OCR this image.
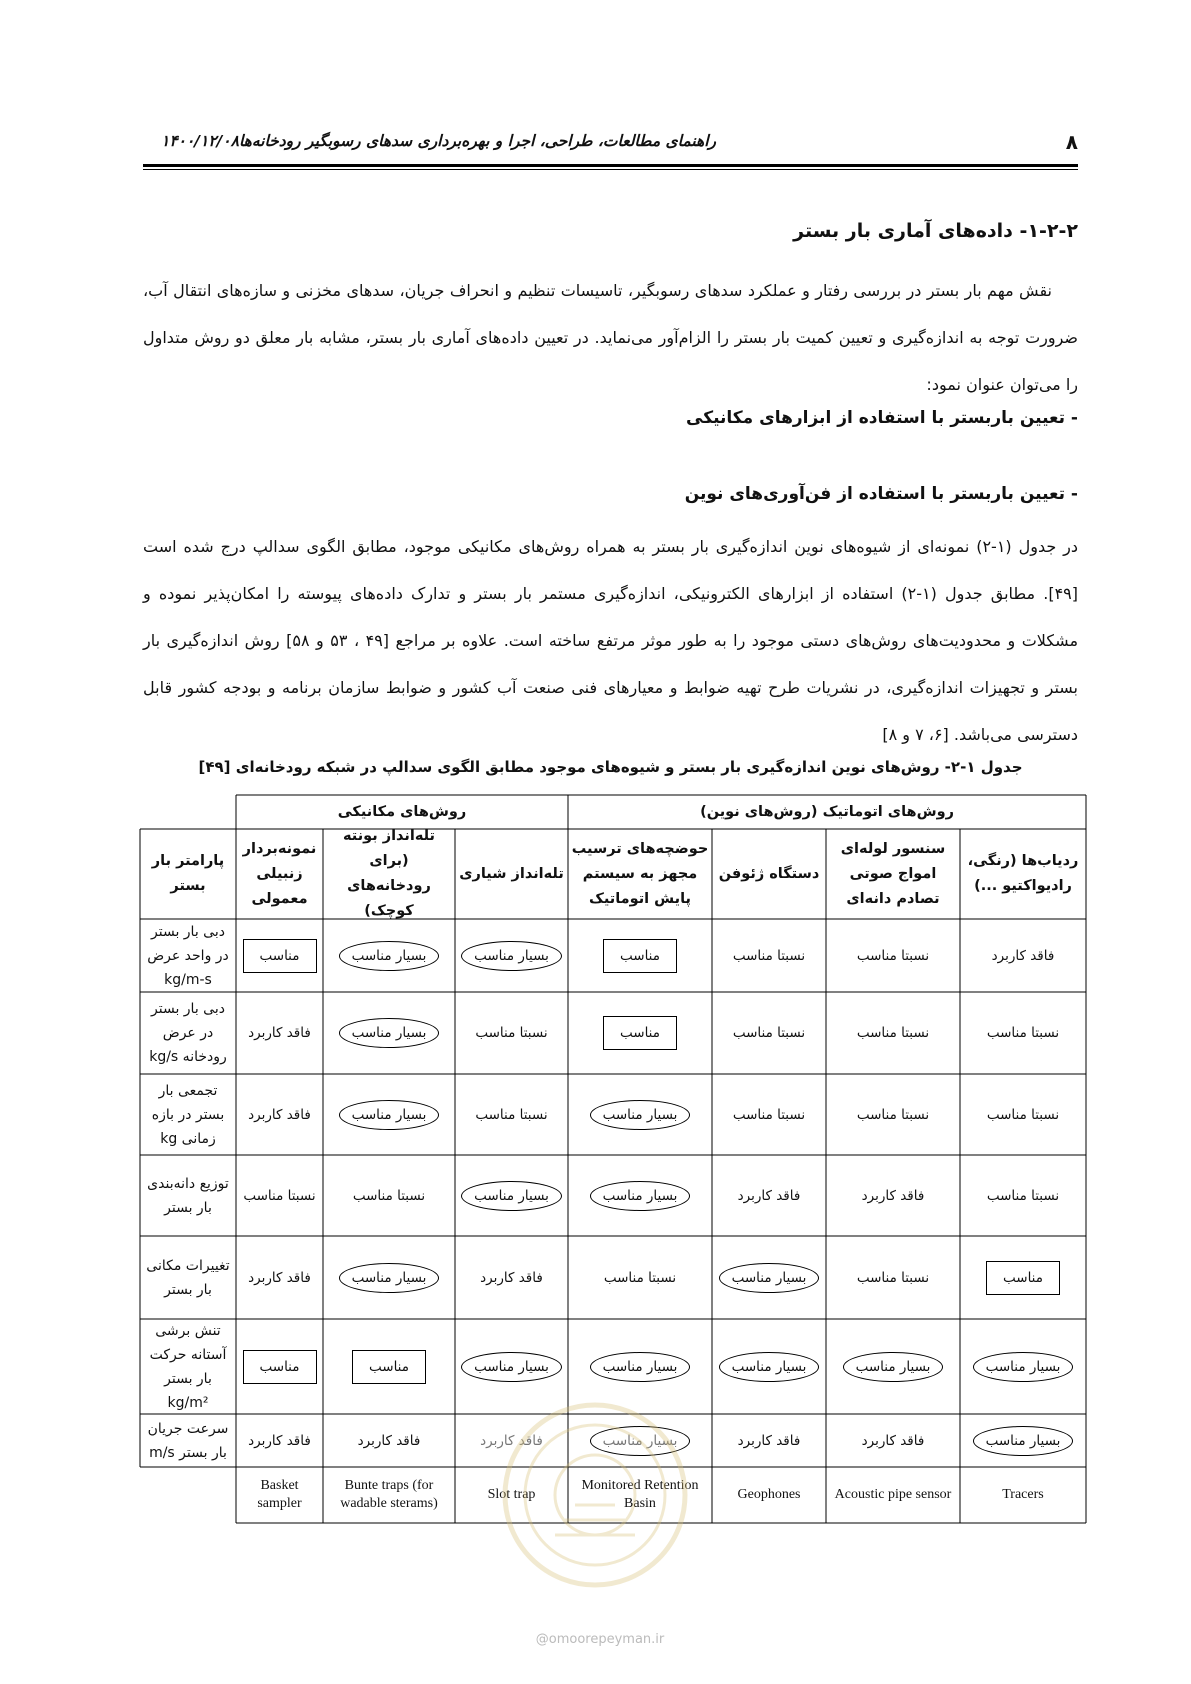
۸
راهنمای مطالعات، طراحی، اجرا و بهره‌برداری سدهای رسوبگیر رودخانه‌ها۱۴۰۰/۱۲/۰۸
۱-۲-۲- داده‌های آماری بار بستر
نقش مهم بار بستر در بررسی رفتار و عملکرد سدهای رسوبگیر، تاسیسات تنظیم و انحراف جریان، سدهای مخزنی و سازه‌های انتقال آب، ضرورت توجه به اندازه‌گیری و تعیین کمیت بار بستر را الزام‌آور می‌نماید. در تعیین داده‌های آماری بار بستر، مشابه بار معلق دو روش متداول را می‌توان عنوان نمود:
- تعیین باربستر با استفاده از ابزارهای مکانیکی
- تعیین باربستر با استفاده از فن‌آوری‌های نوین
در جدول (۱-۲) نمونه‌ای از شیوه‌های نوین اندازه‌گیری بار بستر به همراه روش‌های مکانیکی موجود، مطابق الگوی سدالپ درج شده است [۴۹]. مطابق جدول (۱-۲) استفاده از ابزارهای الکترونیکی، اندازه‌گیری مستمر بار بستر و تدارک داده‌های پیوسته را امکان‌پذیر نموده و مشکلات و محدودیت‌های روش‌های دستی موجود را به طور موثر مرتفع ساخته است. علاوه بر مراجع [۴۹ ، ۵۳ و ۵۸] روش اندازه‌گیری بار بستر و تجهیزات اندازه‌گیری، در نشریات طرح تهیه ضوابط و معیارهای فنی صنعت آب کشور و ضوابط سازمان برنامه و بودجه کشور قابل دسترسی می‌باشد. [۶، ۷ و ۸]
جدول ۱-۲- روش‌های نوین اندازه‌گیری بار بستر و شیوه‌های موجود مطابق الگوی سدالپ در شبکه رودخانه‌ای [۴۹]
روش‌های مکانیکی	روش‌های اتوماتیک (روش‌های نوین)
ردیاب‌ها (رنگی، رادیواکتیو ...)
سنسور لوله‌ای امواج صوتی تصادم دانه‌ای
دستگاه ژئوفن
حوضچه‌های ترسیب مجهز به سیستم پایش اتوماتیک
تله‌انداز شیاری
تله‌انداز بونته (برای رودخانه‌های کوچک)
نمونه‌بردار زنبیلی معمولی
پارامتر بار بستر
دبی بار بستر در واحد عرض kg/m-s
فاقد کاربرد
نسبتا مناسب
نسبتا مناسب
مناسب
بسیار مناسب
بسیار مناسب
مناسب
دبی بار بستر در عرض رودخانه kg/s
نسبتا مناسب
نسبتا مناسب
نسبتا مناسب
مناسب
نسبتا مناسب
بسیار مناسب
فاقد کاربرد
تجمعی بار بستر در بازه زمانی kg
نسبتا مناسب
نسبتا مناسب
نسبتا مناسب
بسیار مناسب
نسبتا مناسب
بسیار مناسب
فاقد کاربرد
توزیع دانه‌بندی بار بستر
نسبتا مناسب
فاقد کاربرد
فاقد کاربرد
بسیار مناسب
بسیار مناسب
نسبتا مناسب
نسبتا مناسب
تغییرات مکانی بار بستر
مناسب
نسبتا مناسب
بسیار مناسب
نسبتا مناسب
فاقد کاربرد
بسیار مناسب
فاقد کاربرد
تنش برشی آستانه حرکت بار بستر kg/m²
بسیار مناسب
بسیار مناسب
بسیار مناسب
بسیار مناسب
بسیار مناسب
مناسب
مناسب
سرعت جریان بار بستر m/s
بسیار مناسب
فاقد کاربرد
فاقد کاربرد
بسیار مناسب
فاقد کاربرد
فاقد کاربرد
فاقد کاربرد
Tracers
Acoustic pipe sensor
Geophones
Monitored Retention Basin
Slot trap
Bunte traps (for wadable sterams)
Basket sampler
@omoorepeyman.ir
